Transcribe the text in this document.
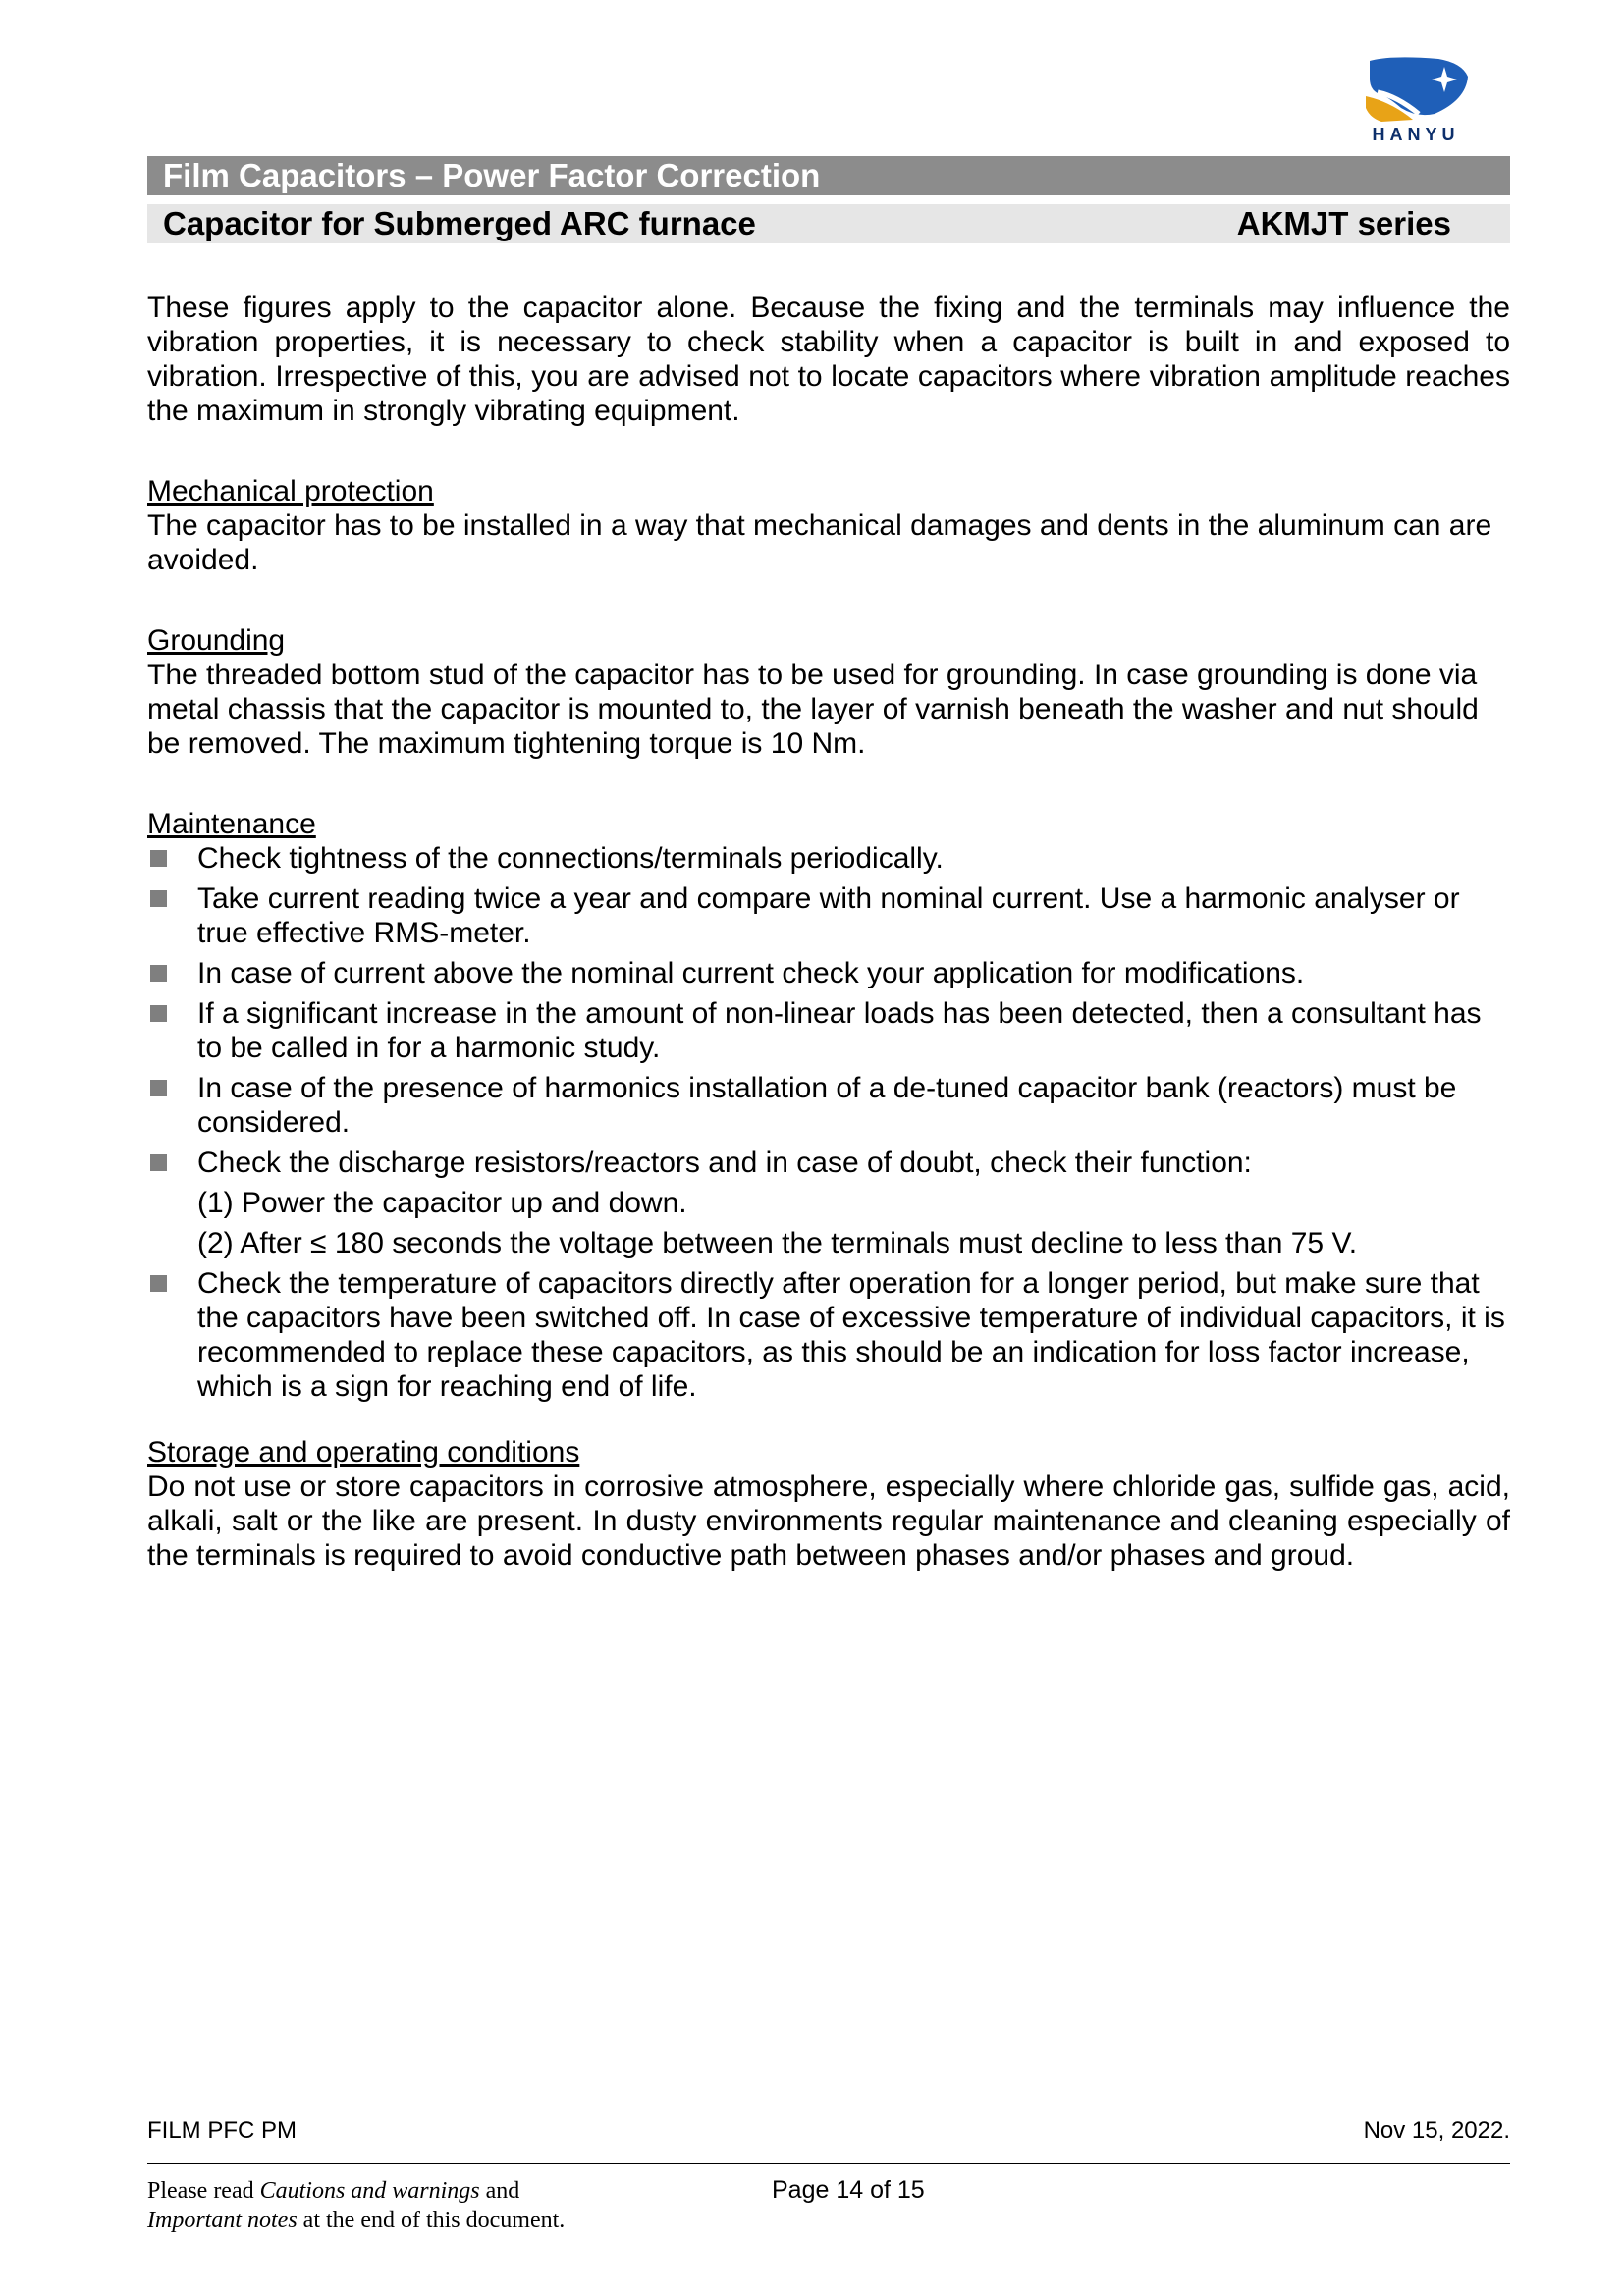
HANYU
Film Capacitors – Power Factor Correction
Capacitor for Submerged ARC furnace	AKMJT series

These figures apply to the capacitor alone. Because the fixing and the terminals may influence the vibration properties, it is necessary to check stability when a capacitor is built in and exposed to vibration. Irrespective of this, you are advised not to locate capacitors where vibration amplitude reaches the maximum in strongly vibrating equipment.

Mechanical protection

The capacitor has to be installed in a way that mechanical damages and dents in the aluminum can are avoided.

Grounding

The threaded bottom stud of the capacitor has to be used for grounding. In case grounding is done via metal chassis that the capacitor is mounted to, the layer of varnish beneath the washer and nut should be removed. The maximum tightening torque is 10 Nm.

Maintenance

Check tightness of the connections/terminals periodically.
Take current reading twice a year and compare with nominal current. Use a harmonic analyser or true effective RMS-meter.
In case of current above the nominal current check your application for modifications.
If a significant increase in the amount of non-linear loads has been detected, then a consultant has to be called in for a harmonic study.
In case of the presence of harmonics installation of a de-tuned capacitor bank (reactors) must be considered.
Check the discharge resistors/reactors and in case of doubt, check their function:
(1) Power the capacitor up and down.
(2) After ≤ 180 seconds the voltage between the terminals must decline to less than 75 V.
Check the temperature of capacitors directly after operation for a longer period, but make sure that the capacitors have been switched off. In case of excessive temperature of individual capacitors, it is recommended to replace these capacitors, as this should be an indication for loss factor increase, which is a sign for reaching end of life.

Storage and operating conditions

Do not use or store capacitors in corrosive atmosphere, especially where chloride gas, sulfide gas, acid, alkali, salt or the like are present. In dusty environments regular maintenance and cleaning especially of the terminals is required to avoid conductive path between phases and/or phases and groud.

FILM PFC PM	Nov 15, 2022.
Please read Cautions and warnings and
Important notes at the end of this document.
Page 14 of 15
